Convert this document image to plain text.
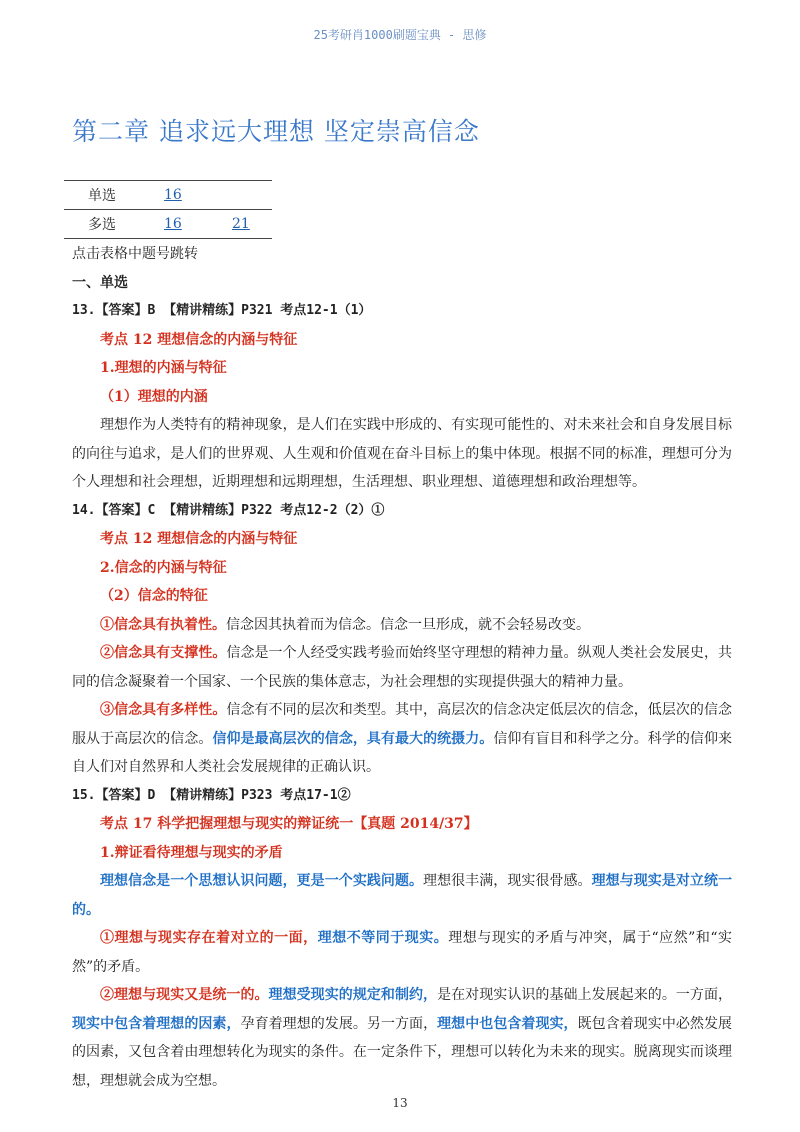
25考研肖1000刷题宝典 - 思修
第二章 追求远大理想 坚定崇高信念
单选	16	
多选	16	21

点击表格中题号跳转

一、单选

13.【答案】B 【精讲精练】P321 考点12-1（1）

考点 12 理想信念的内涵与特征

1.理想的内涵与特征

（1）理想的内涵

理想作为人类特有的精神现象，是人们在实践中形成的、有实现可能性的、对未来社会和自身发展目标的向往与追求，是人们的世界观、人生观和价值观在奋斗目标上的集中体现。根据不同的标准，理想可分为个人理想和社会理想，近期理想和远期理想，生活理想、职业理想、道德理想和政治理想等。

14.【答案】C 【精讲精练】P322 考点12-2（2）①

考点 12 理想信念的内涵与特征

2.信念的内涵与特征

（2）信念的特征

①信念具有执着性。信念因其执着而为信念。信念一旦形成，就不会轻易改变。

②信念具有支撑性。信念是一个人经受实践考验而始终坚守理想的精神力量。纵观人类社会发展史，共同的信念凝聚着一个国家、一个民族的集体意志，为社会理想的实现提供强大的精神力量。

③信念具有多样性。信念有不同的层次和类型。其中，高层次的信念决定低层次的信念，低层次的信念服从于高层次的信念。信仰是最高层次的信念，具有最大的统摄力。信仰有盲目和科学之分。科学的信仰来自人们对自然界和人类社会发展规律的正确认识。

15.【答案】D 【精讲精练】P323 考点17-1②

考点 17 科学把握理想与现实的辩证统一【真题 2014/37】

1.辩证看待理想与现实的矛盾

理想信念是一个思想认识问题，更是一个实践问题。理想很丰满，现实很骨感。理想与现实是对立统一的。

①理想与现实存在着对立的一面，理想不等同于现实。理想与现实的矛盾与冲突，属于“应然”和“实然”的矛盾。

②理想与现实又是统一的。理想受现实的规定和制约，是在对现实认识的基础上发展起来的。一方面，现实中包含着理想的因素，孕育着理想的发展。另一方面，理想中也包含着现实，既包含着现实中必然发展的因素，又包含着由理想转化为现实的条件。在一定条件下，理想可以转化为未来的现实。脱离现实而谈理想，理想就会成为空想。

13
